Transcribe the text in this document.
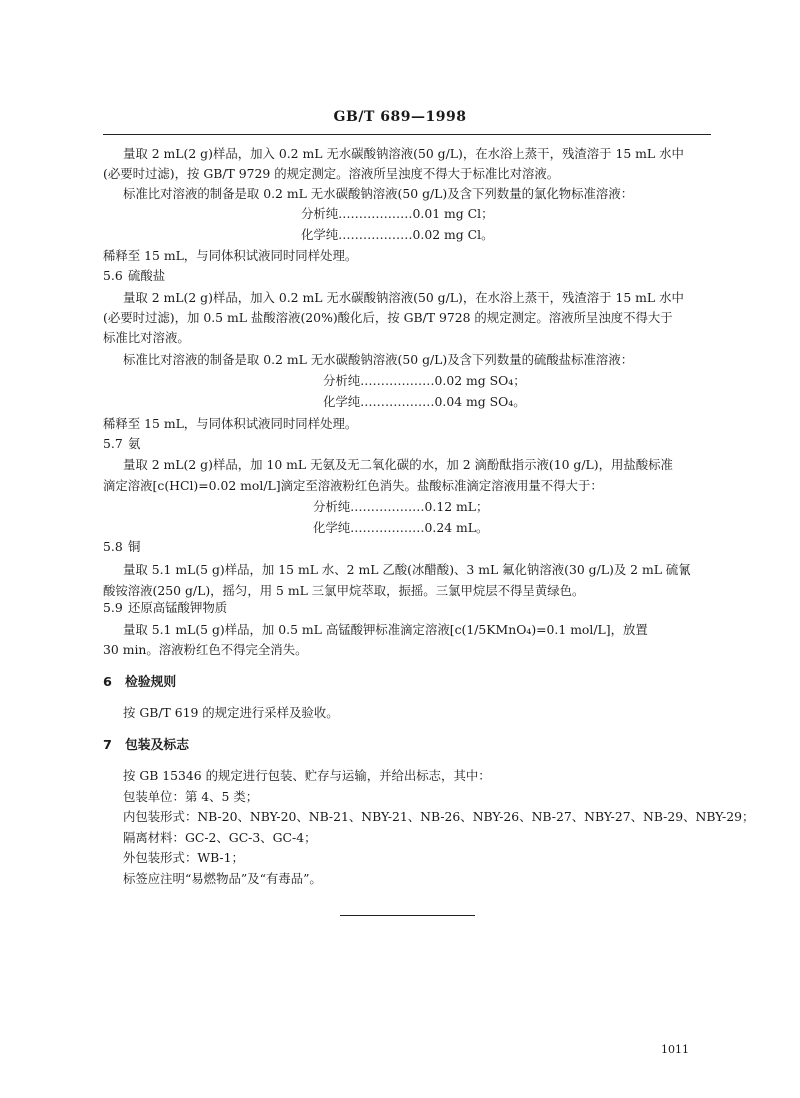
GB/T 689—1998
量取 2 mL(2 g)样品，加入 0.2 mL 无水碳酸钠溶液(50 g/L)，在水浴上蒸干，残渣溶于 15 mL 水中
(必要时过滤)，按 GB/T 9729 的规定测定。溶液所呈浊度不得大于标准比对溶液。
标准比对溶液的制备是取 0.2 mL 无水碳酸钠溶液(50 g/L)及含下列数量的氯化物标准溶液：
分析纯………………0.01 mg Cl；
化学纯………………0.02 mg Cl。
稀释至 15 mL，与同体积试液同时同样处理。
5.6 硫酸盐
量取 2 mL(2 g)样品，加入 0.2 mL 无水碳酸钠溶液(50 g/L)，在水浴上蒸干，残渣溶于 15 mL 水中
(必要时过滤)，加 0.5 mL 盐酸溶液(20%)酸化后，按 GB/T 9728 的规定测定。溶液所呈浊度不得大于
标准比对溶液。
标准比对溶液的制备是取 0.2 mL 无水碳酸钠溶液(50 g/L)及含下列数量的硫酸盐标准溶液：
分析纯………………0.02 mg SO₄；
化学纯………………0.04 mg SO₄。
稀释至 15 mL，与同体积试液同时同样处理。
5.7 氨
量取 2 mL(2 g)样品，加 10 mL 无氨及无二氧化碳的水，加 2 滴酚酞指示液(10 g/L)，用盐酸标准
滴定溶液[c(HCl)=0.02 mol/L]滴定至溶液粉红色消失。盐酸标准滴定溶液用量不得大于：
分析纯………………0.12 mL；
化学纯………………0.24 mL。
5.8 铜
量取 5.1 mL(5 g)样品，加 15 mL 水、2 mL 乙酸(冰醋酸)、3 mL 氟化钠溶液(30 g/L)及 2 mL 硫氰
酸铵溶液(250 g/L)，摇匀，用 5 mL 三氯甲烷萃取，振摇。三氯甲烷层不得呈黄绿色。
5.9 还原高锰酸钾物质
量取 5.1 mL(5 g)样品，加 0.5 mL 高锰酸钾标准滴定溶液[c(1/5KMnO₄)=0.1 mol/L]，放置
30 min。溶液粉红色不得完全消失。
6 检验规则
按 GB/T 619 的规定进行采样及验收。
7 包装及标志
按 GB 15346 的规定进行包装、贮存与运输，并给出标志，其中：
包装单位：第 4、5 类；
内包装形式：NB-20、NBY-20、NB-21、NBY-21、NB-26、NBY-26、NB-27、NBY-27、NB-29、NBY-29；
隔离材料：GC-2、GC-3、GC-4；
外包装形式：WB-1；
标签应注明“易燃物品”及“有毒品”。
1011
